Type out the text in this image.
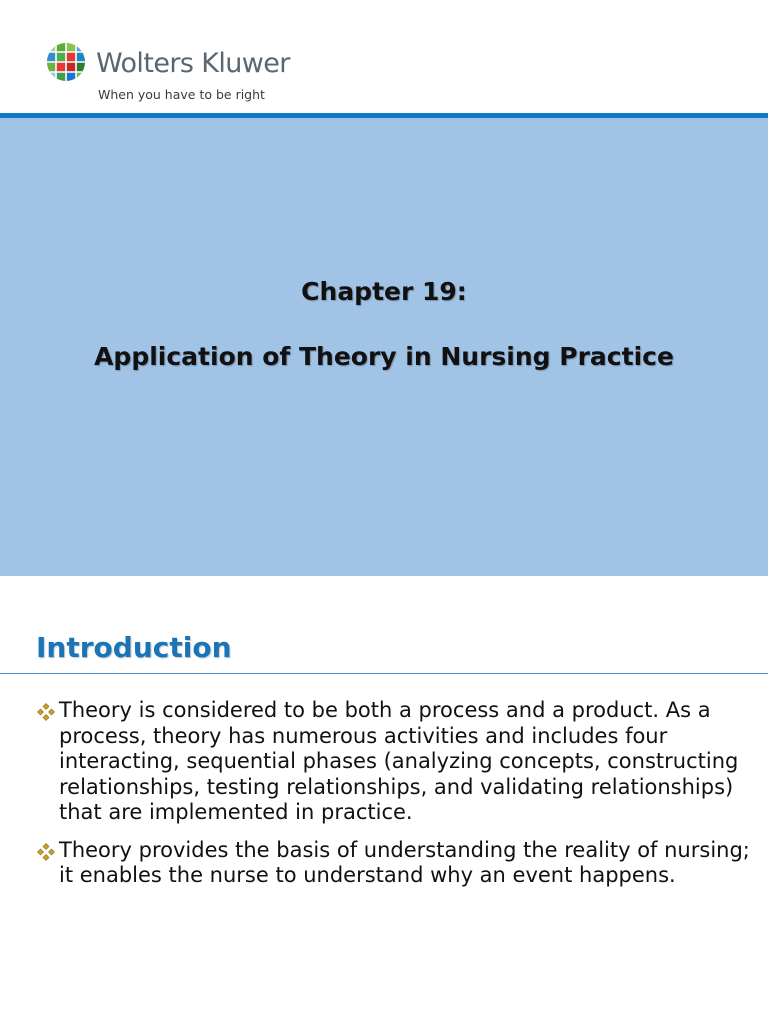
Wolters Kluwer
When you have to be right
Chapter 19:
Application of Theory in Nursing Practice
Introduction
Theory is considered to be both a process and a product. As a process, theory has numerous activities and includes four interacting, sequential phases (analyzing concepts, constructing relationships, testing relationships, and validating relationships) that are implemented in practice.
Theory provides the basis of understanding the reality of nursing; it enables the nurse to understand why an event happens.
